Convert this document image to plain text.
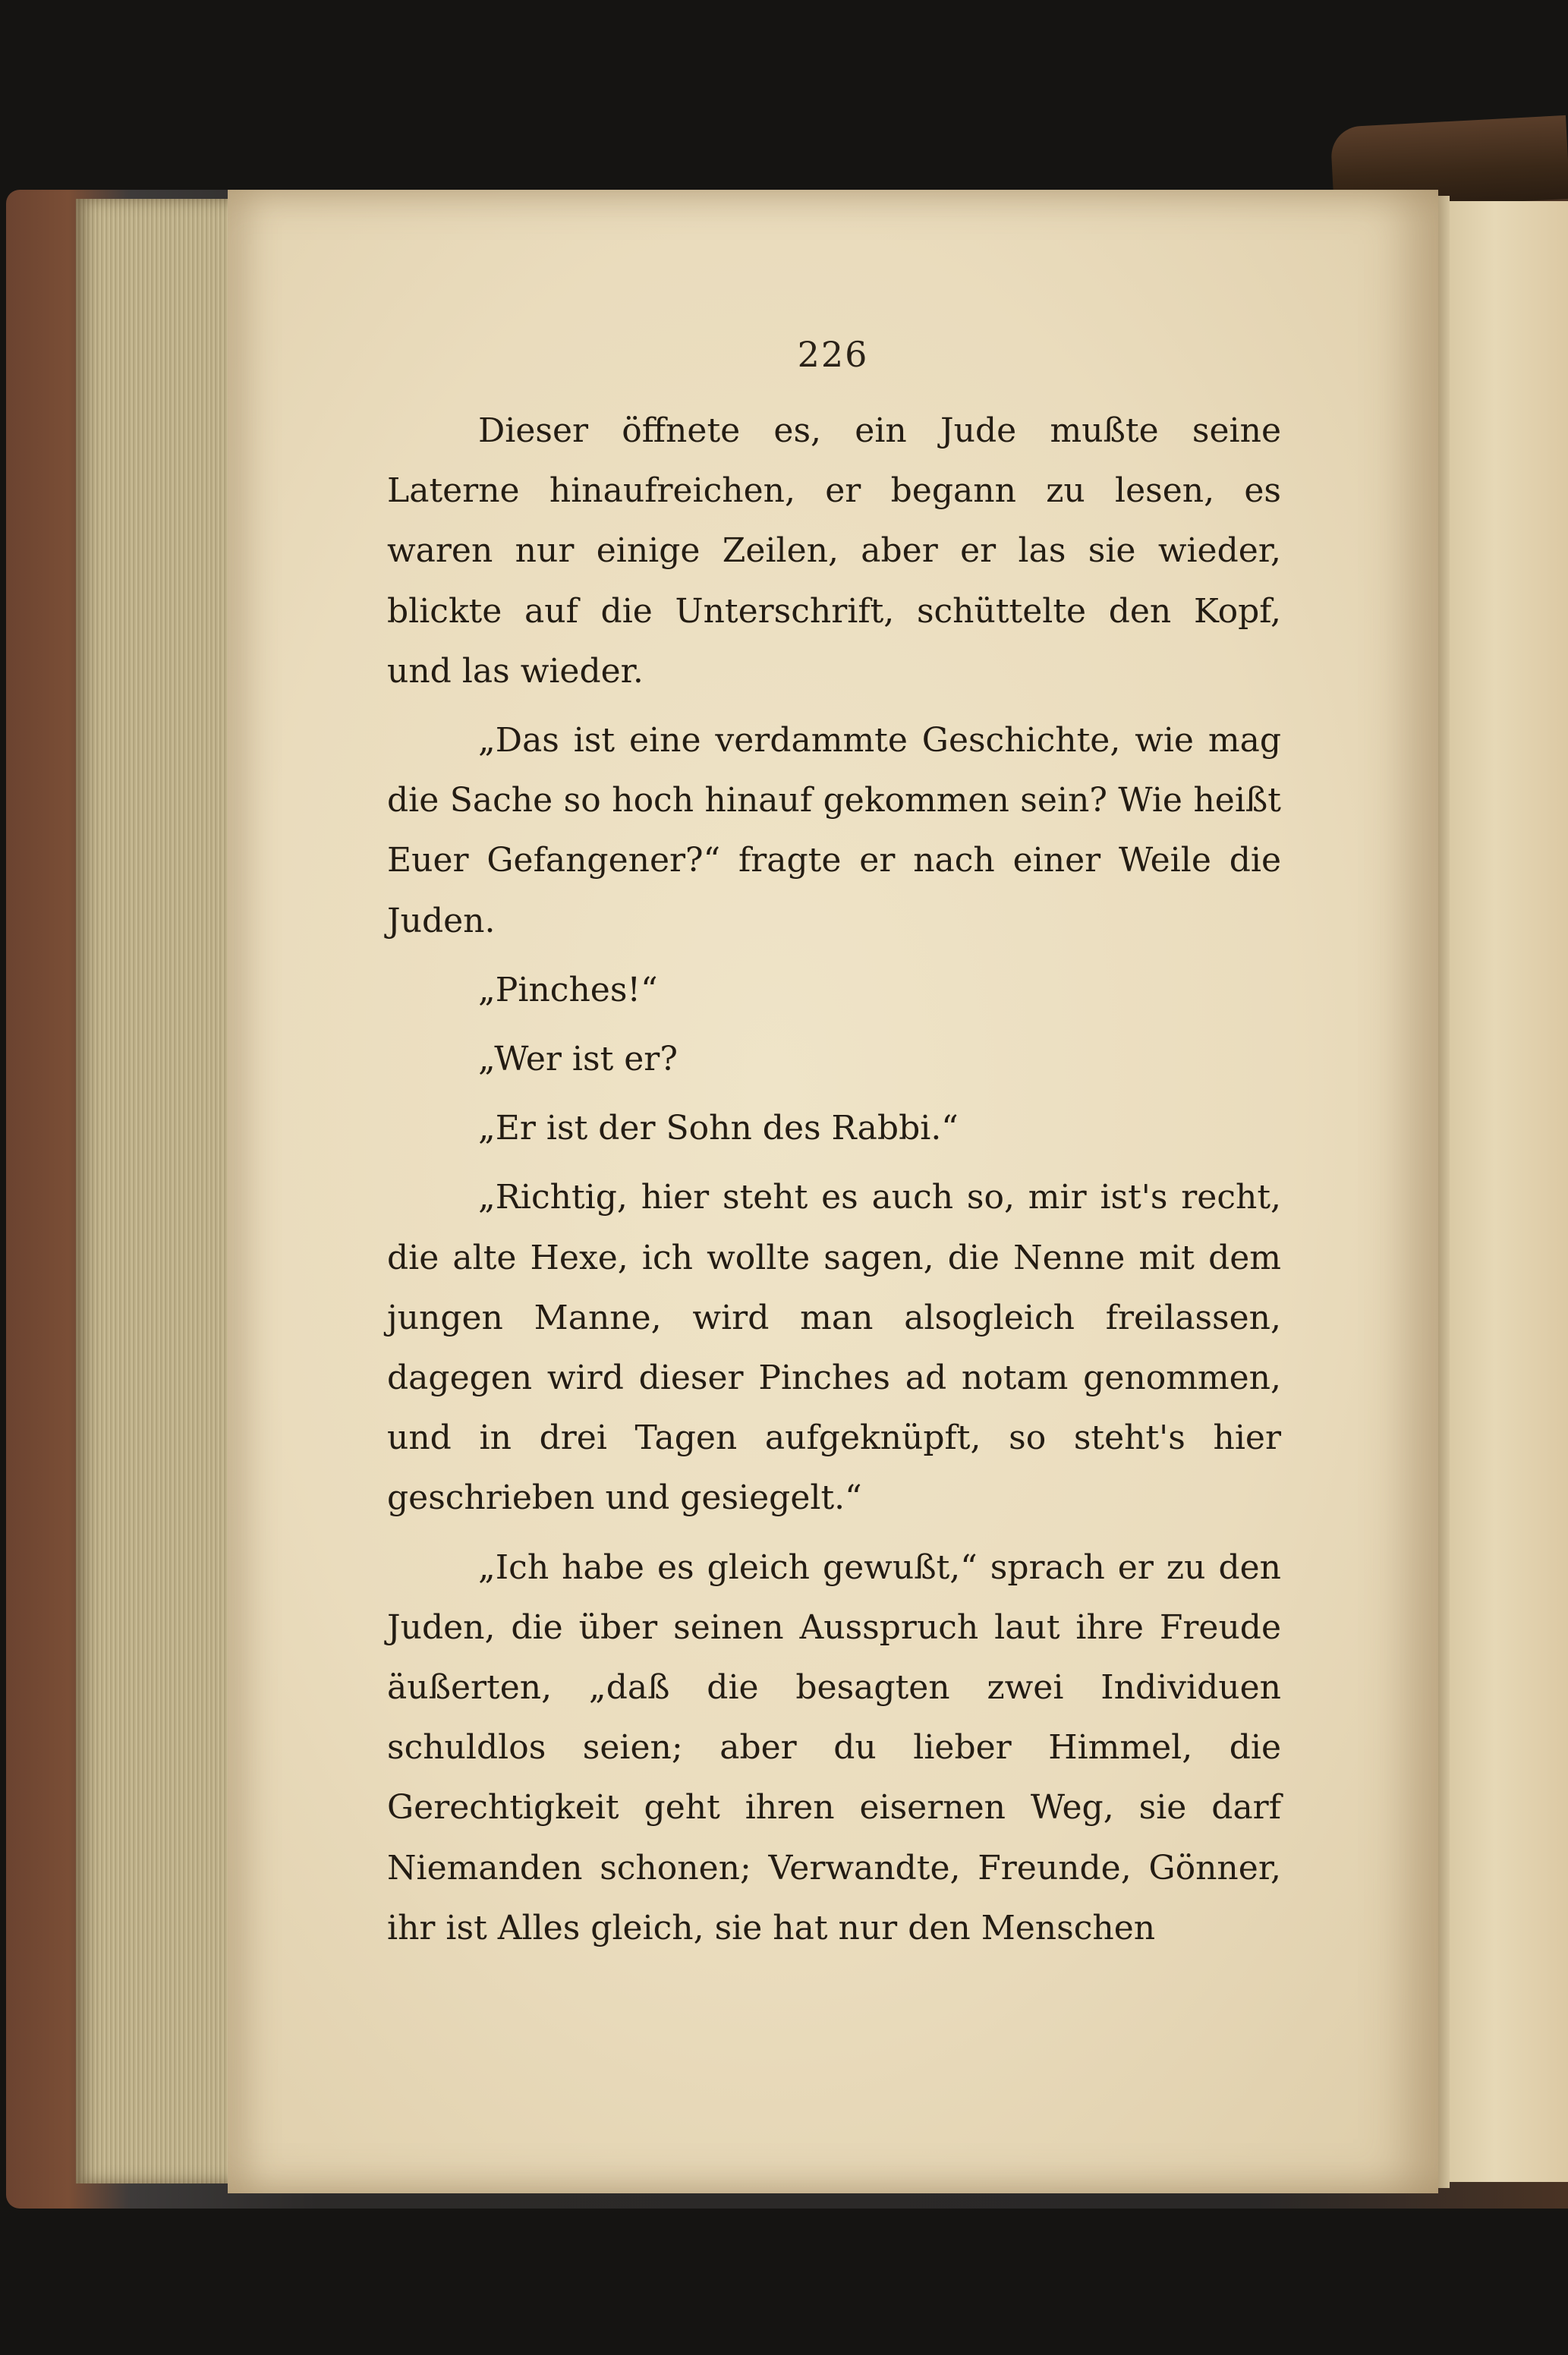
226

Dieser öffnete es, ein Jude mußte seine Laterne hinaufreichen, er begann zu lesen, es waren nur einige Zeilen, aber er las sie wieder, blickte auf die Unterschrift, schüttelte den Kopf, und las wieder.

„Das ist eine verdammte Geschichte, wie mag die Sache so hoch hinauf gekommen sein? Wie heißt Euer Gefangener?“ fragte er nach einer Weile die Juden.

„Pinches!“

„Wer ist er?

„Er ist der Sohn des Rabbi.“

„Richtig, hier steht es auch so, mir ist's recht, die alte Hexe, ich wollte sagen, die Nenne mit dem jungen Manne, wird man alsogleich freilassen, dagegen wird dieser Pinches ad notam genommen, und in drei Tagen aufgeknüpft, so steht's hier geschrieben und gesiegelt.“

„Ich habe es gleich gewußt,“ sprach er zu den Juden, die über seinen Ausspruch laut ihre Freude äußerten, „daß die besagten zwei Individuen schuldlos seien; aber du lieber Himmel, die Gerechtigkeit geht ihren eisernen Weg, sie darf Niemanden schonen; Verwandte, Freunde, Gönner, ihr ist Alles gleich, sie hat nur den Menschen
